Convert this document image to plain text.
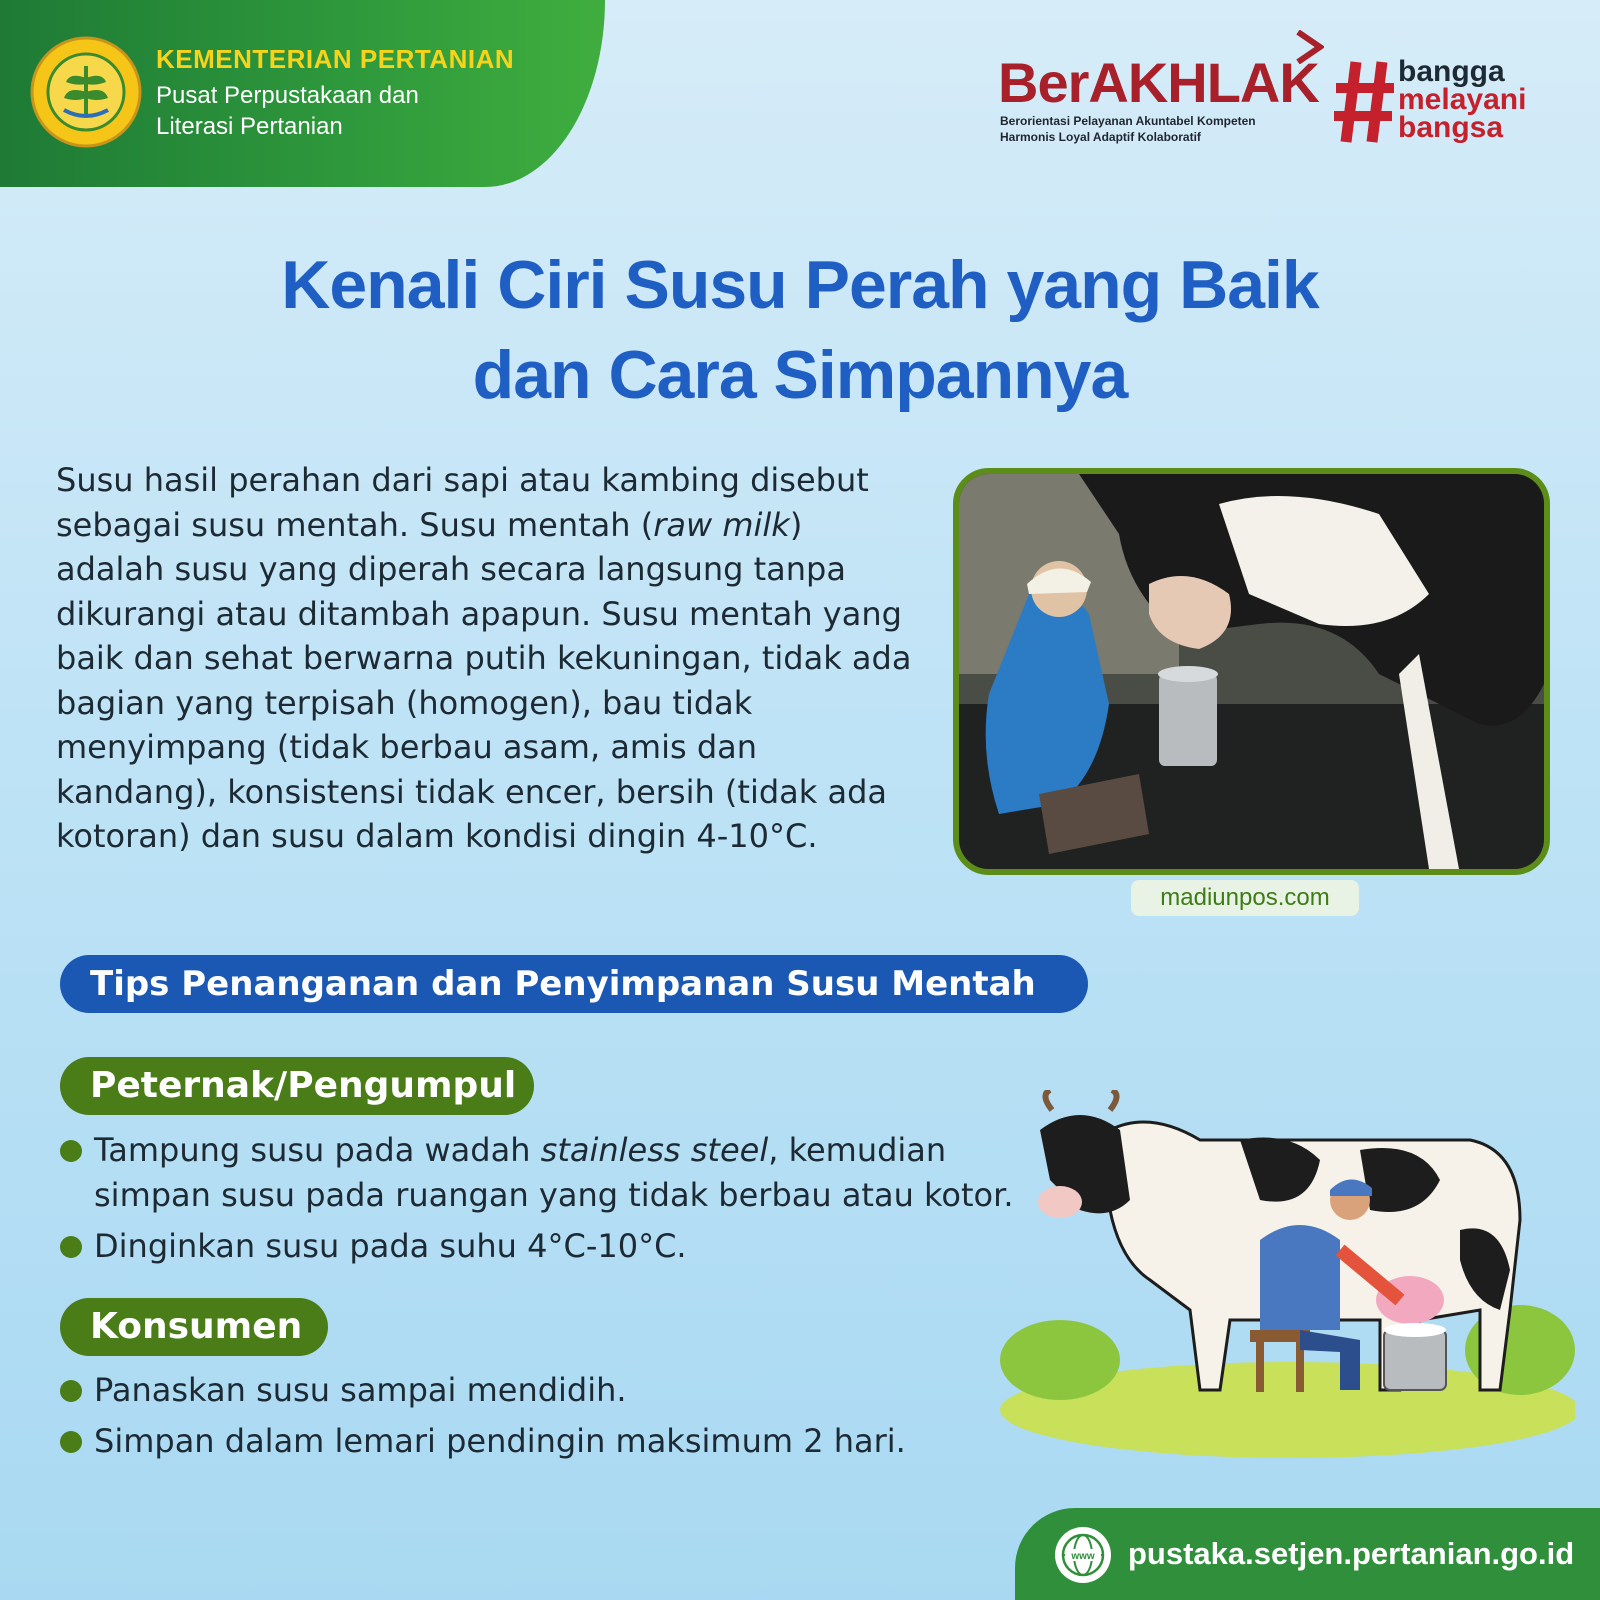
KEMENTERIAN PERTANIAN
Pusat Perpustakaan dan
Literasi Pertanian
BerAKHLAK
Berorientasi Pelayanan Akuntabel Kompeten
Harmonis Loyal Adaptif Kolaboratif
bangga
melayani
bangsa
Kenali Ciri Susu Perah yang Baik
dan Cara Simpannya

Susu hasil perahan dari sapi atau kambing disebut sebagai susu mentah. Susu mentah (raw milk) adalah susu yang diperah secara langsung tanpa dikurangi atau ditambah apapun. Susu mentah yang baik dan sehat berwarna putih kekuningan, tidak ada bagian yang terpisah (homogen), bau tidak menyimpang (tidak berbau asam, amis dan kandang), konsistensi tidak encer, bersih (tidak ada kotoran) dan susu dalam kondisi dingin 4-10°C.

madiunpos.com
Tips Penanganan dan Penyimpanan Susu Mentah
Peternak/Pengumpul
Tampung susu pada wadah stainless steel, kemudian simpan susu pada ruangan yang tidak berbau atau kotor.
Dinginkan susu pada suhu 4°C-10°C.
Konsumen
Panaskan susu sampai mendidih.
Simpan dalam lemari pendingin maksimum 2 hari.
www pustaka.setjen.pertanian.go.id
